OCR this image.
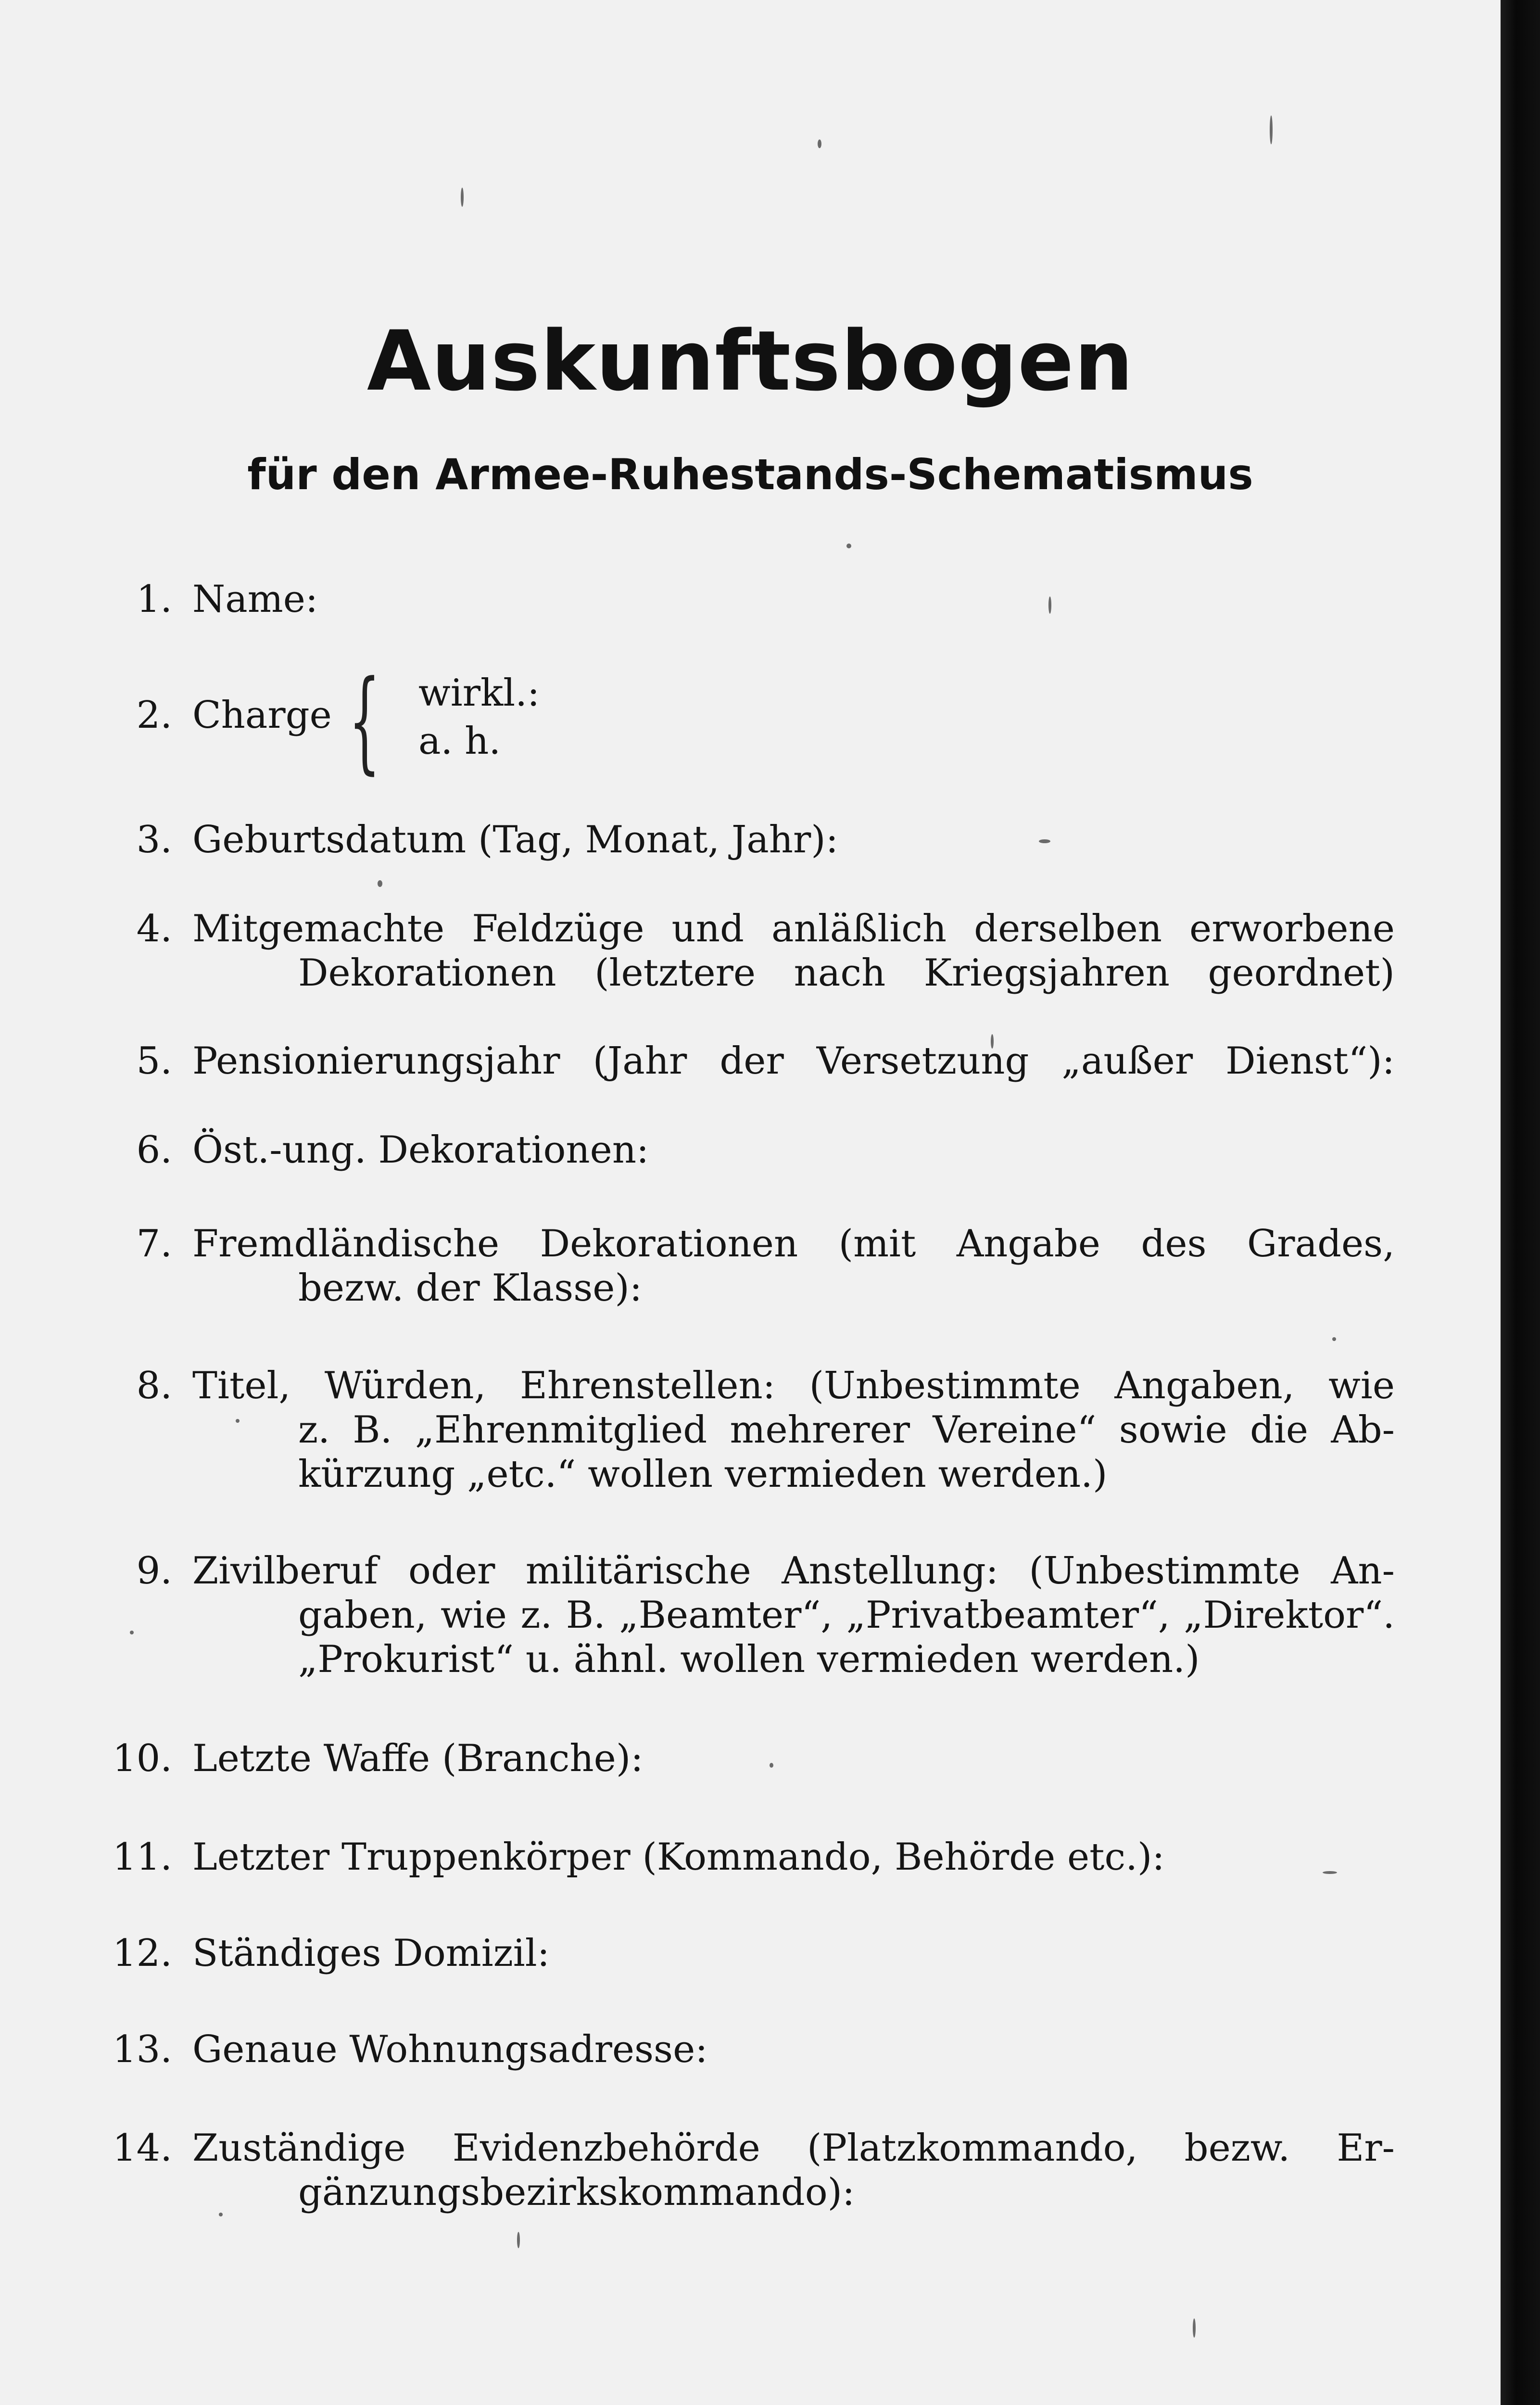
Auskunftsbogen
für den Armee-Ruhestands-Schematismus
1. Name:
2. Charge { wirkl.:
a. h.
3. Geburtsdatum (Tag, Monat, Jahr):
4. Mitgemachte Feldzüge und anläßlich derselben erworbene
Dekorationen (letztere nach Kriegsjahren geordnet)
5. Pensionierungsjahr (Jahr der Versetzung „außer Dienst“):
6. Öst.-ung. Dekorationen:
7. Fremdländische Dekorationen (mit Angabe des Grades,
bezw. der Klasse):
8. Titel, Würden, Ehrenstellen: (Unbestimmte Angaben, wie
z. B. „Ehrenmitglied mehrerer Vereine“ sowie die Ab-
kürzung „etc.“ wollen vermieden werden.)
9. Zivilberuf oder militärische Anstellung: (Unbestimmte An-
gaben, wie z. B. „Beamter“, „Privatbeamter“, „Direktor“.
„Prokurist“ u. ähnl. wollen vermieden werden.)
10. Letzte Waffe (Branche):
11. Letzter Truppenkörper (Kommando, Behörde etc.):
12. Ständiges Domizil:
13. Genaue Wohnungsadresse:
14. Zuständige Evidenzbehörde (Platzkommando, bezw. Er-
gänzungsbezirkskommando):
